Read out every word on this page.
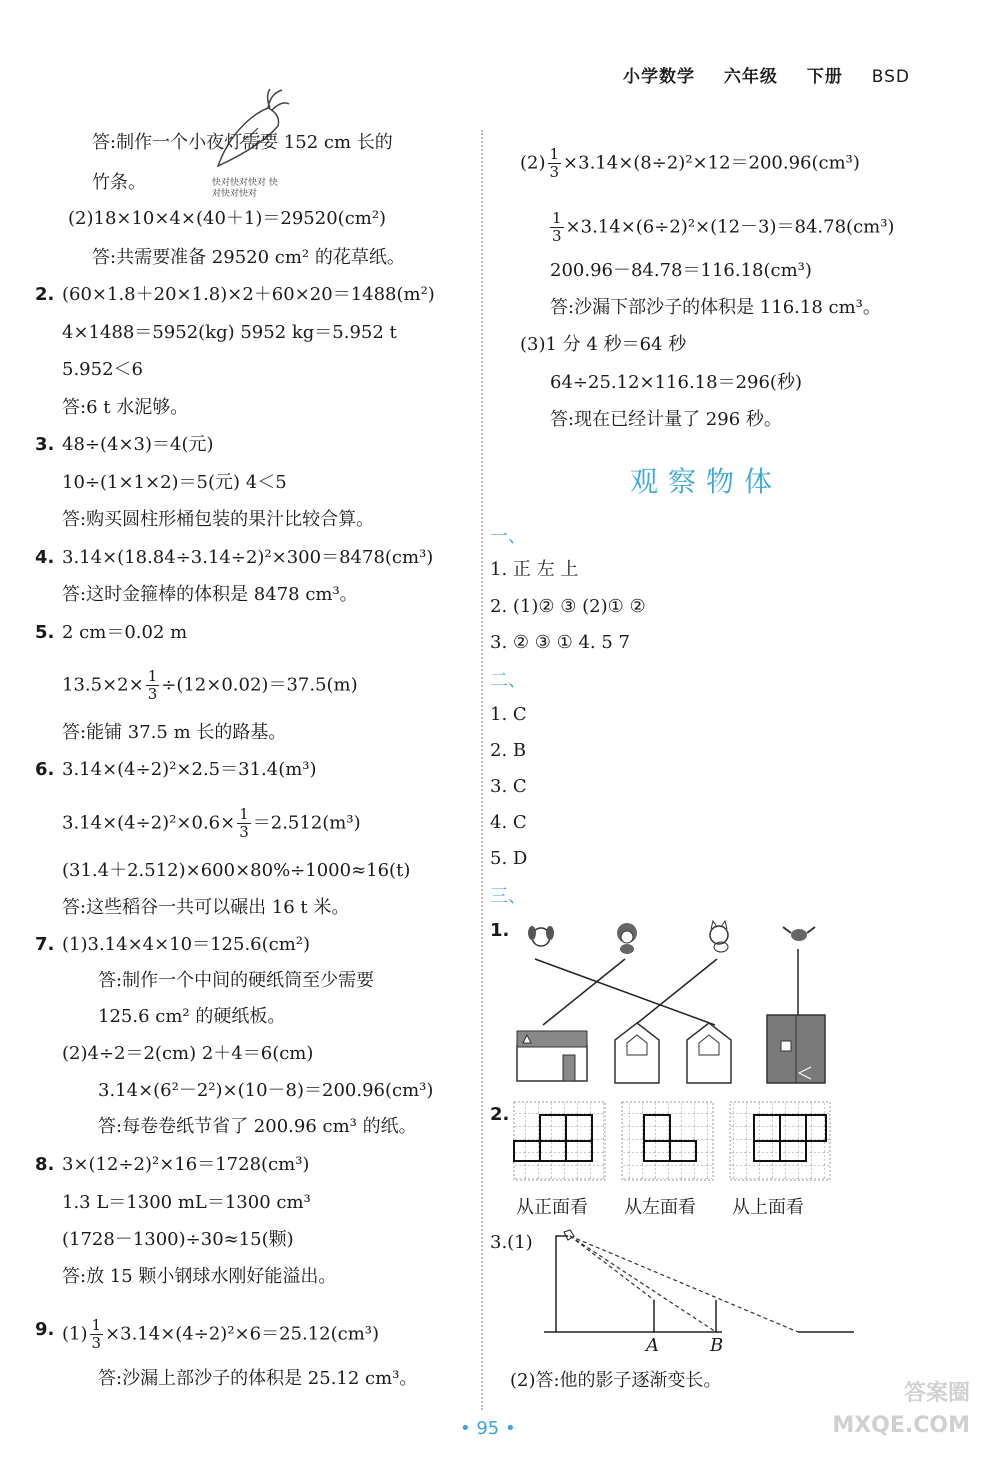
小学数学 六年级 下册 BSD
快对快对快对 快对快对快对
答:制作一个小夜灯需要 152 cm 长的
竹条。
(2)18×10×4×(40＋1)＝29520(cm²)
答:共需要准备 29520 cm² 的花草纸。
2. (60×1.8＋20×1.8)×2＋60×20＝1488(m²)
4×1488＝5952(kg) 5952 kg＝5.952 t
5.952＜6
答:6 t 水泥够。
3. 48÷(4×3)＝4(元)
10÷(1×1×2)＝5(元) 4＜5
答:购买圆柱形桶包装的果汁比较合算。
4. 3.14×(18.84÷3.14÷2)²×300＝8478(cm³)
答:这时金箍棒的体积是 8478 cm³。
5. 2 cm＝0.02 m
$13.5\times 2\times \frac{1}{3} \div(12\times 0.02)=37.5(m)$
答:能铺 37.5 m 长的路基。
6. 3.14×(4÷2)²×2.5＝31.4(m³)
$3.14\times(4\div 2)^2\times 0.6\times \frac{1}{3} =2.512(m^3)$
(31.4＋2.512)×600×80%÷1000≈16(t)
答:这些稻谷一共可以碾出 16 t 米。
7. (1)3.14×4×10＝125.6(cm²)
答:制作一个中间的硬纸筒至少需要
125.6 cm² 的硬纸板。
(2)4÷2＝2(cm) 2＋4＝6(cm)
3.14×(6²－2²)×(10－8)＝200.96(cm³)
答:每卷卷纸节省了 200.96 cm³ 的纸。
8. 3×(12÷2)²×16＝1728(cm³)
1.3 L＝1300 mL＝1300 cm³
(1728－1300)÷30≈15(颗)
答:放 15 颗小钢球水刚好能溢出。
9. $(1) \frac{1}{3} \times 3.14\times(4\div 2)^2\times 6=25.12(cm^3)$
答:沙漏上部沙子的体积是 25.12 cm³。
$(2) \frac{1}{3} \times 3.14\times(8\div 2)^2\times 12=200.96(cm^3)$
$\frac{1}{3} \times 3.14\times(6\div 2)^2\times(12-3)=84.78(cm^3)$
200.96－84.78＝116.18(cm³)
答:沙漏下部沙子的体积是 116.18 cm³。
(3)1 分 4 秒＝64 秒
64÷25.12×116.18＝296(秒)
答:现在已经计量了 296 秒。
观察物体
一、
1. 正 左 上
2. (1)② ③ (2)① ②
3. ② ③ ① 4. 5 7
二、
1. C
2. B
3. C
4. C
5. D
三、
1.
2.
从正面看 从左面看 从上面看
3.(1)
A	B
(2)答:他的影子逐渐变长。
• 95 •
答案圈 MXQE.COM
